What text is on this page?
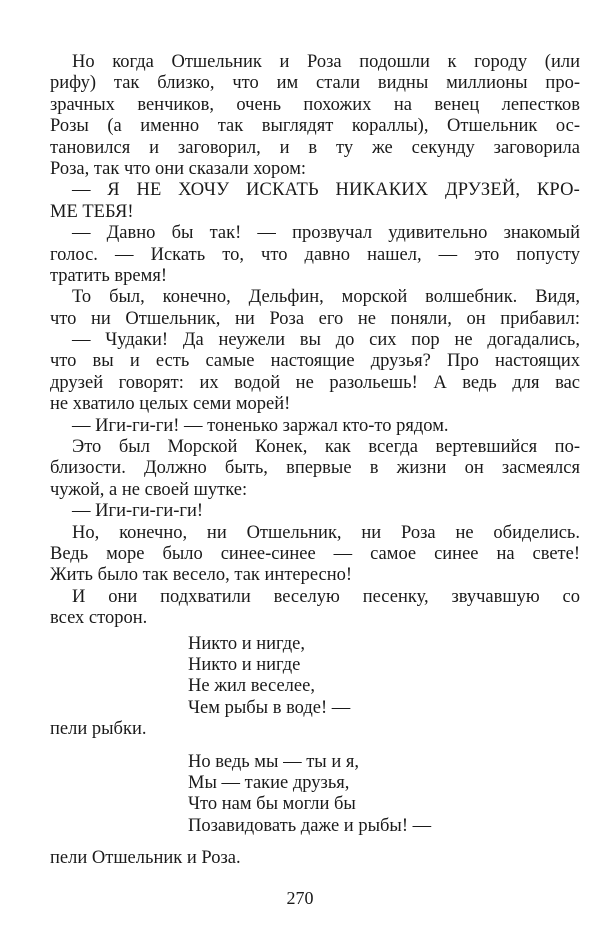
Но когда Отшельник и Роза подошли к городу (или
рифу) так близко, что им стали видны миллионы про-
зрачных венчиков, очень похожих на венец лепестков
Розы (а именно так выглядят кораллы), Отшельник ос-
тановился и заговорил, и в ту же секунду заговорила
Роза, так что они сказали хором:
— Я НЕ ХОЧУ ИСКАТЬ НИКАКИХ ДРУЗЕЙ, КРО-
МЕ ТЕБЯ!
— Давно бы так! — прозвучал удивительно знакомый
голос. — Искать то, что давно нашел, — это попусту
тратить время!
То был, конечно, Дельфин, морской волшебник. Видя,
что ни Отшельник, ни Роза его не поняли, он прибавил:
— Чудаки! Да неужели вы до сих пор не догадались,
что вы и есть самые настоящие друзья? Про настоящих
друзей говорят: их водой не разольешь! А ведь для вас
не хватило целых семи морей!
— Иги-ги-ги! — тоненько заржал кто-то рядом.
Это был Морской Конек, как всегда вертевшийся по-
близости. Должно быть, впервые в жизни он засмеялся
чужой, а не своей шутке:
— Иги-ги-ги-ги!
Но, конечно, ни Отшельник, ни Роза не обиделись.
Ведь море было синее-синее — самое синее на свете!
Жить было так весело, так интересно!
И они подхватили веселую песенку, звучавшую со
всех сторон.
Никто и нигде,
Никто и нигде
Не жил веселее,
Чем рыбы в воде! —
пели рыбки.
Но ведь мы — ты и я,
Мы — такие друзья,
Что нам бы могли бы
Позавидовать даже и рыбы! —
пели Отшельник и Роза.
270
